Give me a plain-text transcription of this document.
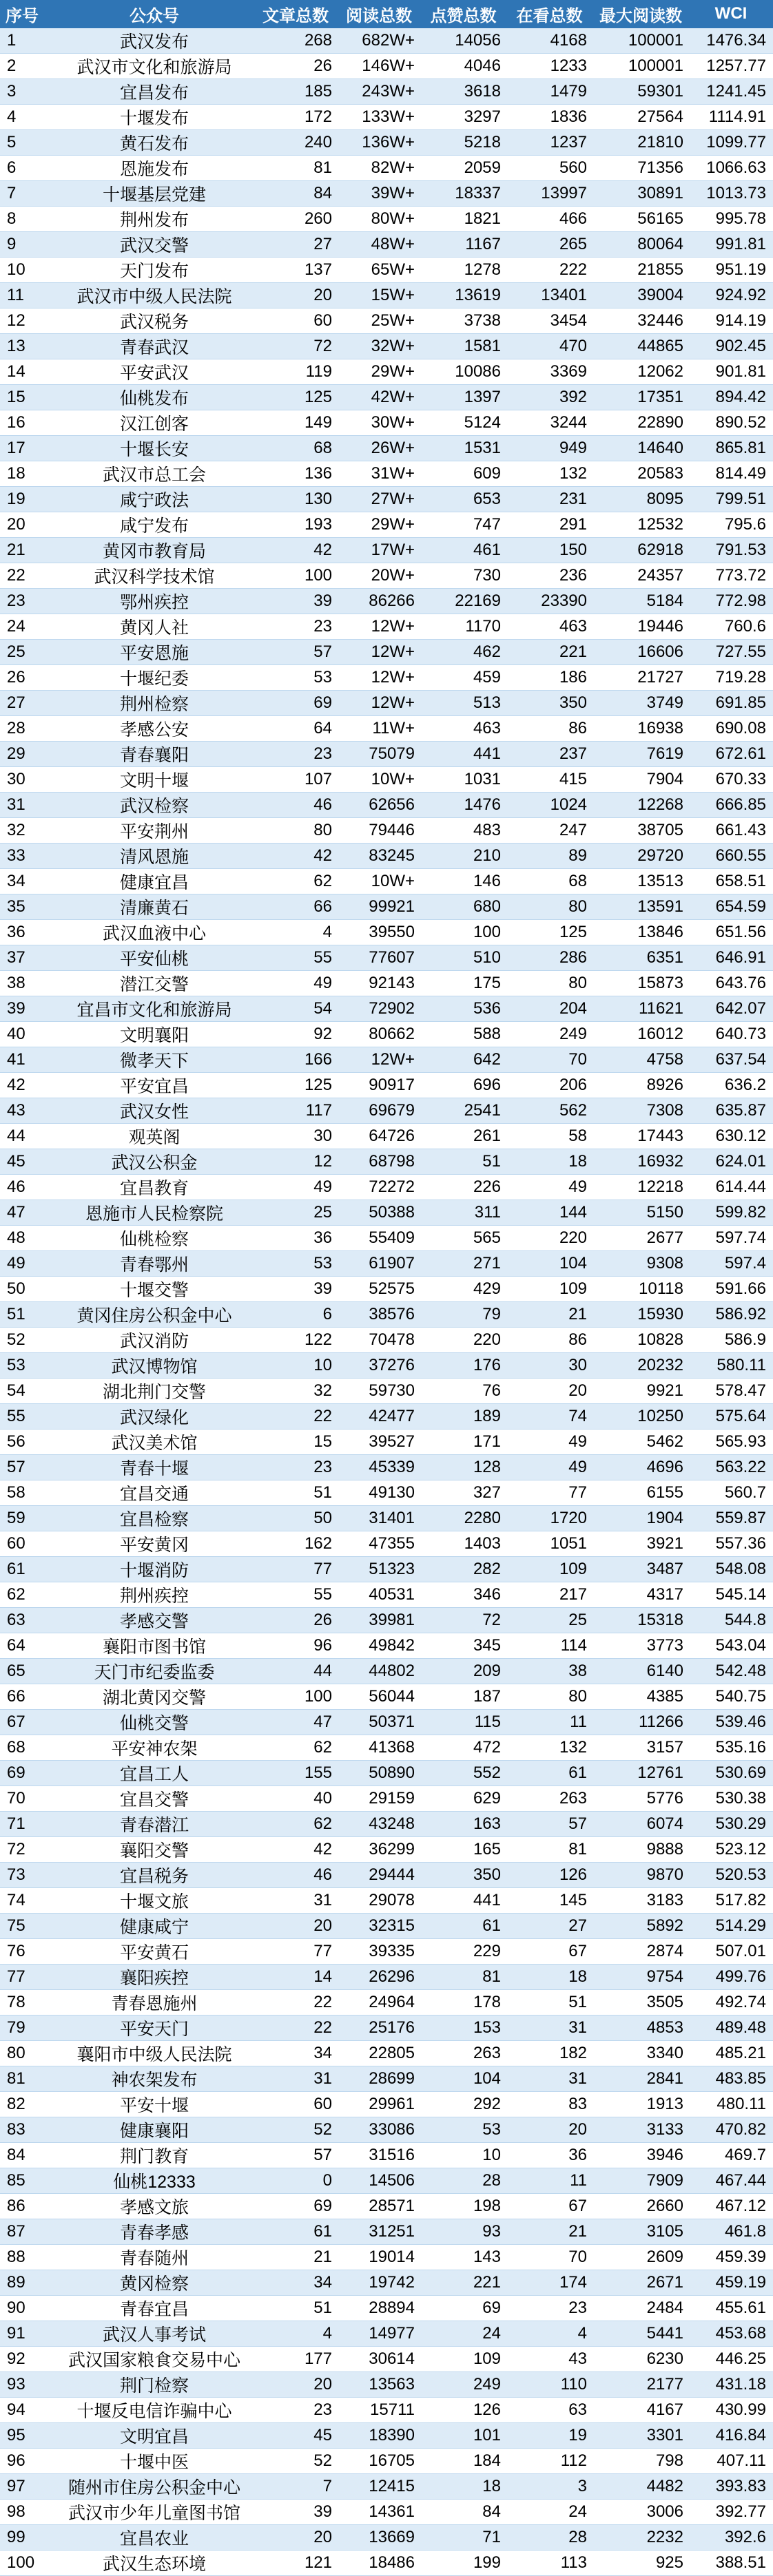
序号	公众号	文章总数	阅读总数	点赞总数	在看总数	最大阅读数	WCI
1	武汉发布	268	682W+	14056	4168	100001	1476.34
2	武汉市文化和旅游局	26	146W+	4046	1233	100001	1257.77
3	宜昌发布	185	243W+	3618	1479	59301	1241.45
4	十堰发布	172	133W+	3297	1836	27564	1114.91
5	黄石发布	240	136W+	5218	1237	21810	1099.77
6	恩施发布	81	82W+	2059	560	71356	1066.63
7	十堰基层党建	84	39W+	18337	13997	30891	1013.73
8	荆州发布	260	80W+	1821	466	56165	995.78
9	武汉交警	27	48W+	1167	265	80064	991.81
10	天门发布	137	65W+	1278	222	21855	951.19
11	武汉市中级人民法院	20	15W+	13619	13401	39004	924.92
12	武汉税务	60	25W+	3738	3454	32446	914.19
13	青春武汉	72	32W+	1581	470	44865	902.45
14	平安武汉	119	29W+	10086	3369	12062	901.81
15	仙桃发布	125	42W+	1397	392	17351	894.42
16	汉江创客	149	30W+	5124	3244	22890	890.52
17	十堰长安	68	26W+	1531	949	14640	865.81
18	武汉市总工会	136	31W+	609	132	20583	814.49
19	咸宁政法	130	27W+	653	231	8095	799.51
20	咸宁发布	193	29W+	747	291	12532	795.6
21	黄冈市教育局	42	17W+	461	150	62918	791.53
22	武汉科学技术馆	100	20W+	730	236	24357	773.72
23	鄂州疾控	39	86266	22169	23390	5184	772.98
24	黄冈人社	23	12W+	1170	463	19446	760.6
25	平安恩施	57	12W+	462	221	16606	727.55
26	十堰纪委	53	12W+	459	186	21727	719.28
27	荆州检察	69	12W+	513	350	3749	691.85
28	孝感公安	64	11W+	463	86	16938	690.08
29	青春襄阳	23	75079	441	237	7619	672.61
30	文明十堰	107	10W+	1031	415	7904	670.33
31	武汉检察	46	62656	1476	1024	12268	666.85
32	平安荆州	80	79446	483	247	38705	661.43
33	清风恩施	42	83245	210	89	29720	660.55
34	健康宜昌	62	10W+	146	68	13513	658.51
35	清廉黄石	66	99921	680	80	13591	654.59
36	武汉血液中心	4	39550	100	125	13846	651.56
37	平安仙桃	55	77607	510	286	6351	646.91
38	潜江交警	49	92143	175	80	15873	643.76
39	宜昌市文化和旅游局	54	72902	536	204	11621	642.07
40	文明襄阳	92	80662	588	249	16012	640.73
41	微孝天下	166	12W+	642	70	4758	637.54
42	平安宜昌	125	90917	696	206	8926	636.2
43	武汉女性	117	69679	2541	562	7308	635.87
44	观英阁	30	64726	261	58	17443	630.12
45	武汉公积金	12	68798	51	18	16932	624.01
46	宜昌教育	49	72272	226	49	12218	614.44
47	恩施市人民检察院	25	50388	311	144	5150	599.82
48	仙桃检察	36	55409	565	220	2677	597.74
49	青春鄂州	53	61907	271	104	9308	597.4
50	十堰交警	39	52575	429	109	10118	591.66
51	黄冈住房公积金中心	6	38576	79	21	15930	586.92
52	武汉消防	122	70478	220	86	10828	586.9
53	武汉博物馆	10	37276	176	30	20232	580.11
54	湖北荆门交警	32	59730	76	20	9921	578.47
55	武汉绿化	22	42477	189	74	10250	575.64
56	武汉美术馆	15	39527	171	49	5462	565.93
57	青春十堰	23	45339	128	49	4696	563.22
58	宜昌交通	51	49130	327	77	6155	560.7
59	宜昌检察	50	31401	2280	1720	1904	559.87
60	平安黄冈	162	47355	1403	1051	3921	557.36
61	十堰消防	77	51323	282	109	3487	548.08
62	荆州疾控	55	40531	346	217	4317	545.14
63	孝感交警	26	39981	72	25	15318	544.8
64	襄阳市图书馆	96	49842	345	114	3773	543.04
65	天门市纪委监委	44	44802	209	38	6140	542.48
66	湖北黄冈交警	100	56044	187	80	4385	540.75
67	仙桃交警	47	50371	115	11	11266	539.46
68	平安神农架	62	41368	472	132	3157	535.16
69	宜昌工人	155	50890	552	61	12761	530.69
70	宜昌交警	40	29159	629	263	5776	530.38
71	青春潜江	62	43248	163	57	6074	530.29
72	襄阳交警	42	36299	165	81	9888	523.12
73	宜昌税务	46	29444	350	126	9870	520.53
74	十堰文旅	31	29078	441	145	3183	517.82
75	健康咸宁	20	32315	61	27	5892	514.29
76	平安黄石	77	39335	229	67	2874	507.01
77	襄阳疾控	14	26296	81	18	9754	499.76
78	青春恩施州	22	24964	178	51	3505	492.74
79	平安天门	22	25176	153	31	4853	489.48
80	襄阳市中级人民法院	34	22805	263	182	3340	485.21
81	神农架发布	31	28699	104	31	2841	483.85
82	平安十堰	60	29961	292	83	1913	480.11
83	健康襄阳	52	33086	53	20	3133	470.82
84	荆门教育	57	31516	10	36	3946	469.7
85	仙桃12333	0	14506	28	11	7909	467.44
86	孝感文旅	69	28571	198	67	2660	467.12
87	青春孝感	61	31251	93	21	3105	461.8
88	青春随州	21	19014	143	70	2609	459.39
89	黄冈检察	34	19742	221	174	2671	459.19
90	青春宜昌	51	28894	69	23	2484	455.61
91	武汉人事考试	4	14977	24	4	5441	453.68
92	武汉国家粮食交易中心	177	30614	109	43	6230	446.25
93	荆门检察	20	13563	249	110	2177	431.18
94	十堰反电信诈骗中心	23	15711	126	63	4167	430.99
95	文明宜昌	45	18390	101	19	3301	416.84
96	十堰中医	52	16705	184	112	798	407.11
97	随州市住房公积金中心	7	12415	18	3	4482	393.83
98	武汉市少年儿童图书馆	39	14361	84	24	3006	392.77
99	宜昌农业	20	13669	71	28	2232	392.6
100	武汉生态环境	121	18486	199	113	925	388.51
